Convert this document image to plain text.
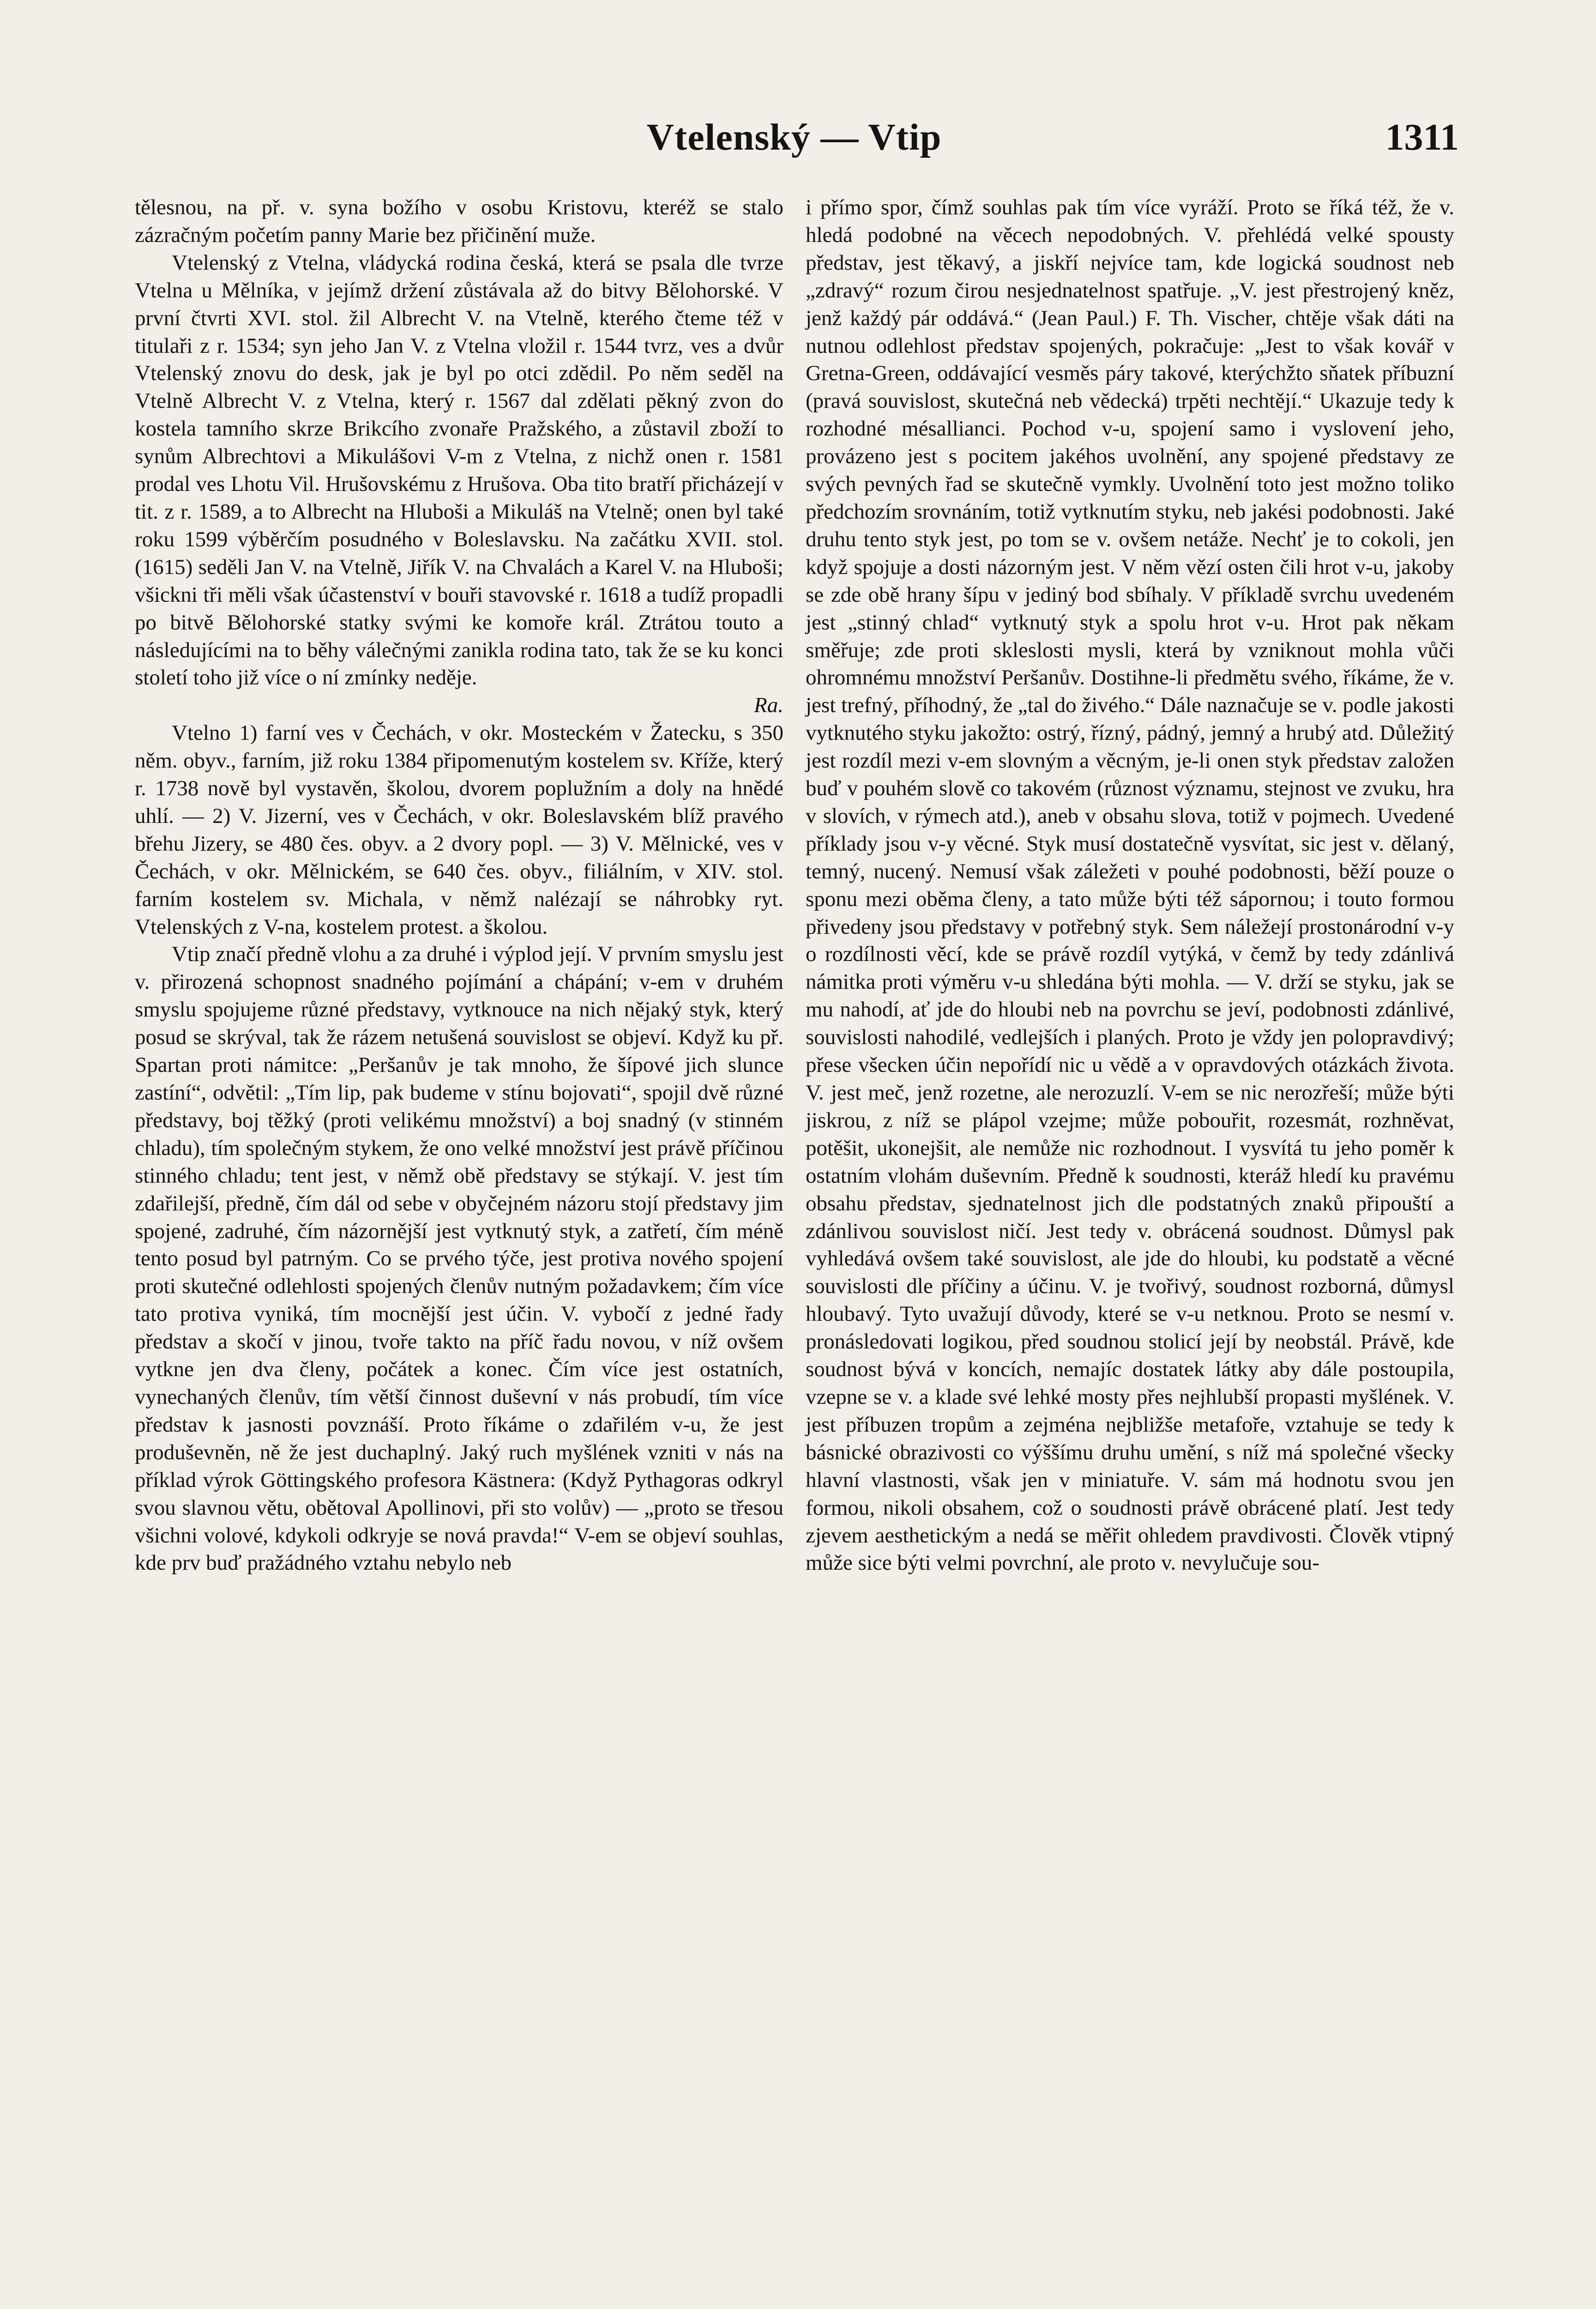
Vtelenský — Vtip	1311

tělesnou, na př. v. syna božího v osobu Kristovu, kteréž se stalo zázračným početím panny Marie bez přičinění muže.

Vtelenský z Vtelna, vládycká rodina česká, která se psala dle tvrze Vtelna u Mělníka, v jejímž držení zůstávala až do bitvy Bělohorské. V první čtvrti XVI. stol. žil Albrecht V. na Vtelně, kterého čteme též v titulaři z r. 1534; syn jeho Jan V. z Vtelna vložil r. 1544 tvrz, ves a dvůr Vtelenský znovu do desk, jak je byl po otci zdědil. Po něm seděl na Vtelně Albrecht V. z Vtelna, který r. 1567 dal zdělati pěkný zvon do kostela tamního skrze Brikcího zvonaře Pražského, a zůstavil zboží to synům Albrechtovi a Mikulášovi V-m z Vtelna, z nichž onen r. 1581 prodal ves Lhotu Vil. Hrušovskému z Hrušova. Oba tito bratří přicházejí v tit. z r. 1589, a to Albrecht na Hluboši a Mikuláš na Vtelně; onen byl také roku 1599 výběrčím posudného v Boleslavsku. Na začátku XVII. stol. (1615) seděli Jan V. na Vtelně, Jiřík V. na Chvalách a Karel V. na Hluboši; všickni tři měli však účastenství v bouři stavovské r. 1618 a tudíž propadli po bitvě Bělohorské statky svými ke komoře král. Ztrátou touto a následujícími na to běhy válečnými zanikla rodina tato, tak že se ku konci století toho již více o ní zmínky neděje.

Ra.

Vtelno 1) farní ves v Čechách, v okr. Mosteckém v Žatecku, s 350 něm. obyv., farním, již roku 1384 připomenutým kostelem sv. Kříže, který r. 1738 nově byl vystavěn, školou, dvorem poplužním a doly na hnědé uhlí. — 2) V. Jizerní, ves v Čechách, v okr. Boleslavském blíž pravého břehu Jizery, se 480 čes. obyv. a 2 dvory popl. — 3) V. Mělnické, ves v Čechách, v okr. Mělnickém, se 640 čes. obyv., filiálním, v XIV. stol. farním kostelem sv. Michala, v němž nalézají se náhrobky ryt. Vtelenských z V-na, kostelem protest. a školou.

Vtip značí předně vlohu a za druhé i výplod její. V prvním smyslu jest v. přirozená schopnost snadného pojímání a chápání; v-em v druhém smyslu spojujeme různé představy, vytknouce na nich nějaký styk, který posud se skrýval, tak že rázem netušená souvislost se objeví. Když ku př. Spartan proti námitce: „Peršanův je tak mnoho, že šípové jich slunce zastíní“, odvětil: „Tím lip, pak budeme v stínu bojovati“, spojil dvě různé představy, boj těžký (proti velikému množství) a boj snadný (v stinném chladu), tím společným stykem, že ono velké množství jest právě příčinou stinného chladu; tent jest, v němž obě představy se stýkají. V. jest tím zdařilejší, předně, čím dál od sebe v obyčejném názoru stojí představy jim spojené, zadruhé, čím názornější jest vytknutý styk, a zatřetí, čím méně tento posud byl patrným. Co se prvého týče, jest protiva nového spojení proti skutečné odlehlosti spojených členův nutným požadavkem; čím více tato protiva vyniká, tím mocnější jest účin. V. vybočí z jedné řady představ a skočí v jinou, tvoře takto na příč řadu novou, v níž ovšem vytkne jen dva členy, počátek a konec. Čím více jest ostatních, vynechaných členův, tím větší činnost duševní v nás probudí, tím více představ k jasnosti povznáší. Proto říkáme o zdařilém v-u, že jest produševněn, ně že jest duchaplný. Jaký ruch myšlének vzniti v nás na příklad výrok Göttingského profesora Kästnera: (Když Pythagoras odkryl svou slavnou větu, obětoval Apollinovi, při sto volův) — „proto se třesou všichni volové, kdykoli odkryje se nová pravda!“ V-em se objeví souhlas, kde prv buď pražádného vztahu nebylo neb

i přímo spor, čímž souhlas pak tím více vyráží. Proto se říká též, že v. hledá podobné na věcech nepodobných. V. přehlédá velké spousty představ, jest těkavý, a jiskří nejvíce tam, kde logická soudnost neb „zdravý“ rozum čirou nesjednatelnost spatřuje. „V. jest přestrojený kněz, jenž každý pár oddává.“ (Jean Paul.) F. Th. Vischer, chtěje však dáti na nutnou odlehlost představ spojených, pokračuje: „Jest to však kovář v Gretna-Green, oddávající vesměs páry takové, kterýchžto sňatek příbuzní (pravá souvislost, skutečná neb vědecká) trpěti nechtějí.“ Ukazuje tedy k rozhodné mésallianci. Pochod v-u, spojení samo i vyslovení jeho, provázeno jest s pocitem jakéhos uvolnění, any spojené představy ze svých pevných řad se skutečně vymkly. Uvolnění toto jest možno toliko předchozím srovnáním, totiž vytknutím styku, neb jakési podobnosti. Jaké druhu tento styk jest, po tom se v. ovšem netáže. Nechť je to cokoli, jen když spojuje a dosti názorným jest. V něm vězí osten čili hrot v-u, jakoby se zde obě hrany šípu v jediný bod sbíhaly. V příkladě svrchu uvedeném jest „stinný chlad“ vytknutý styk a spolu hrot v-u. Hrot pak někam směřuje; zde proti skleslosti mysli, která by vzniknout mohla vůči ohromnému množství Peršanův. Dostihne-li předmětu svého, říkáme, že v. jest trefný, příhodný, že „tal do živého.“ Dále naznačuje se v. podle jakosti vytknutého styku jakožto: ostrý, řízný, pádný, jemný a hrubý atd. Důležitý jest rozdíl mezi v-em slovným a věcným, je-li onen styk představ založen buď v pouhém slově co takovém (různost významu, stejnost ve zvuku, hra v slovích, v rýmech atd.), aneb v obsahu slova, totiž v pojmech. Uvedené příklady jsou v-y věcné. Styk musí dostatečně vysvítat, sic jest v. dělaný, temný, nucený. Nemusí však záležeti v pouhé podobnosti, běží pouze o sponu mezi oběma členy, a tato může býti též sápornou; i touto formou přivedeny jsou představy v potřebný styk. Sem náležejí prostonárodní v-y o rozdílnosti věcí, kde se právě rozdíl vytýká, v čemž by tedy zdánlivá námitka proti výměru v-u shledána býti mohla. — V. drží se styku, jak se mu nahodí, ať jde do hloubi neb na povrchu se jeví, podobnosti zdánlivé, souvislosti nahodilé, vedlejších i planých. Proto je vždy jen polopravdivý; přese všecken účin nepořídí nic u vědě a v opravdových otázkách života. V. jest meč, jenž rozetne, ale nerozuzlí. V-em se nic nerozřeší; může býti jiskrou, z níž se plápol vzejme; může pobouřit, rozesmát, rozhněvat, potěšit, ukonejšit, ale nemůže nic rozhodnout. I vysvítá tu jeho poměr k ostatním vlohám duševním. Předně k soudnosti, kteráž hledí ku pravému obsahu představ, sjednatelnost jich dle podstatných znaků připouští a zdánlivou souvislost ničí. Jest tedy v. obrácená soudnost. Důmysl pak vyhledává ovšem také souvislost, ale jde do hloubi, ku podstatě a věcné souvislosti dle příčiny a účinu. V. je tvořivý, soudnost rozborná, důmysl hloubavý. Tyto uvažují důvody, které se v-u netknou. Proto se nesmí v. pronásledovati logikou, před soudnou stolicí její by neobstál. Právě, kde soudnost bývá v koncích, nemajíc dostatek látky aby dále postoupila, vzepne se v. a klade své lehké mosty přes nejhlubší propasti myšlének. V. jest příbuzen tropům a zejména nejbližše metafoře, vztahuje se tedy k básnické obrazivosti co výššímu druhu umění, s níž má společné všecky hlavní vlastnosti, však jen v miniatuře. V. sám má hodnotu svou jen formou, nikoli obsahem, což o soudnosti právě obrácené platí. Jest tedy zjevem aesthetickým a nedá se měřit ohledem pravdivosti. Člověk vtipný může sice býti velmi povrchní, ale proto v. nevylučuje sou-
